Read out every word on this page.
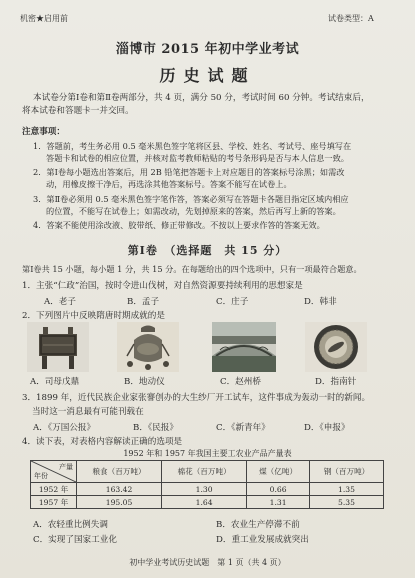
机密★启用前	试卷类型：A
淄博市 2015 年初中学业考试
历史试题
本试卷分第Ⅰ卷和第Ⅱ卷两部分，共 4 页，满分 50 分，考试时间 60 分钟。考试结束后，
将本试卷和答题卡一并交回。
注意事项：
1．答题前，考生务必用 0.5 毫米黑色签字笔将区县、学校、姓名、考试号、座号填写在
答题卡和试卷的相应位置，并核对监考教师粘贴的考号条形码是否与本人信息一致。
2．第Ⅰ卷每小题选出答案后，用 2B 铅笔把答题卡上对应题目的答案标号涂黑；如需改
动，用橡皮擦干净后，再选涂其他答案标号。答案不能写在试卷上。
3．第Ⅱ卷必须用 0.5 毫米黑色签字笔作答，答案必须写在答题卡各题目指定区域内相应
的位置，不能写在试卷上；如需改动，先划掉原来的答案，然后再写上新的答案。
4．答案不能使用涂改液、胶带纸、修正带修改。不按以上要求作答的答案无效。
第Ⅰ卷　（选择题　共 15 分）
第Ⅰ卷共 15 小题，每小题 1 分，共 15 分。在每题给出的四个选项中，只有一项最符合题意。
1．主张“仁政”治国，按时令进山伐树，对自然资源要持续利用的思想家是
A．老子	B．孟子	C．庄子	D．韩非
2．下列图片中反映隋唐时期成就的是
A．司母戊鼎	B．地动仪	C．赵州桥	D．指南针
3．1899 年，近代民族企业家张謇创办的大生纱厂开工试车，这件事成为轰动一时的新闻。
当时这一消息最有可能刊载在
A．《万国公报》	B．《民报》	C．《新青年》	D．《申报》
4．读下表，对表格内容解读正确的选项是
1952 年和 1957 年我国主要工农业产品产量表
产量
年份	粮食（百万吨）	棉花（百万吨）	煤（亿吨）	钢（百万吨）
1952 年	163.42	1.30	0.66	1.35
1957 年	195.05	1.64	1.31	5.35
A．农轻重比例失调	B．农业生产停滞不前
C．实现了国家工业化	D．重工业发展成就突出
初中学业考试历史试题　第 1 页（共 4 页）
